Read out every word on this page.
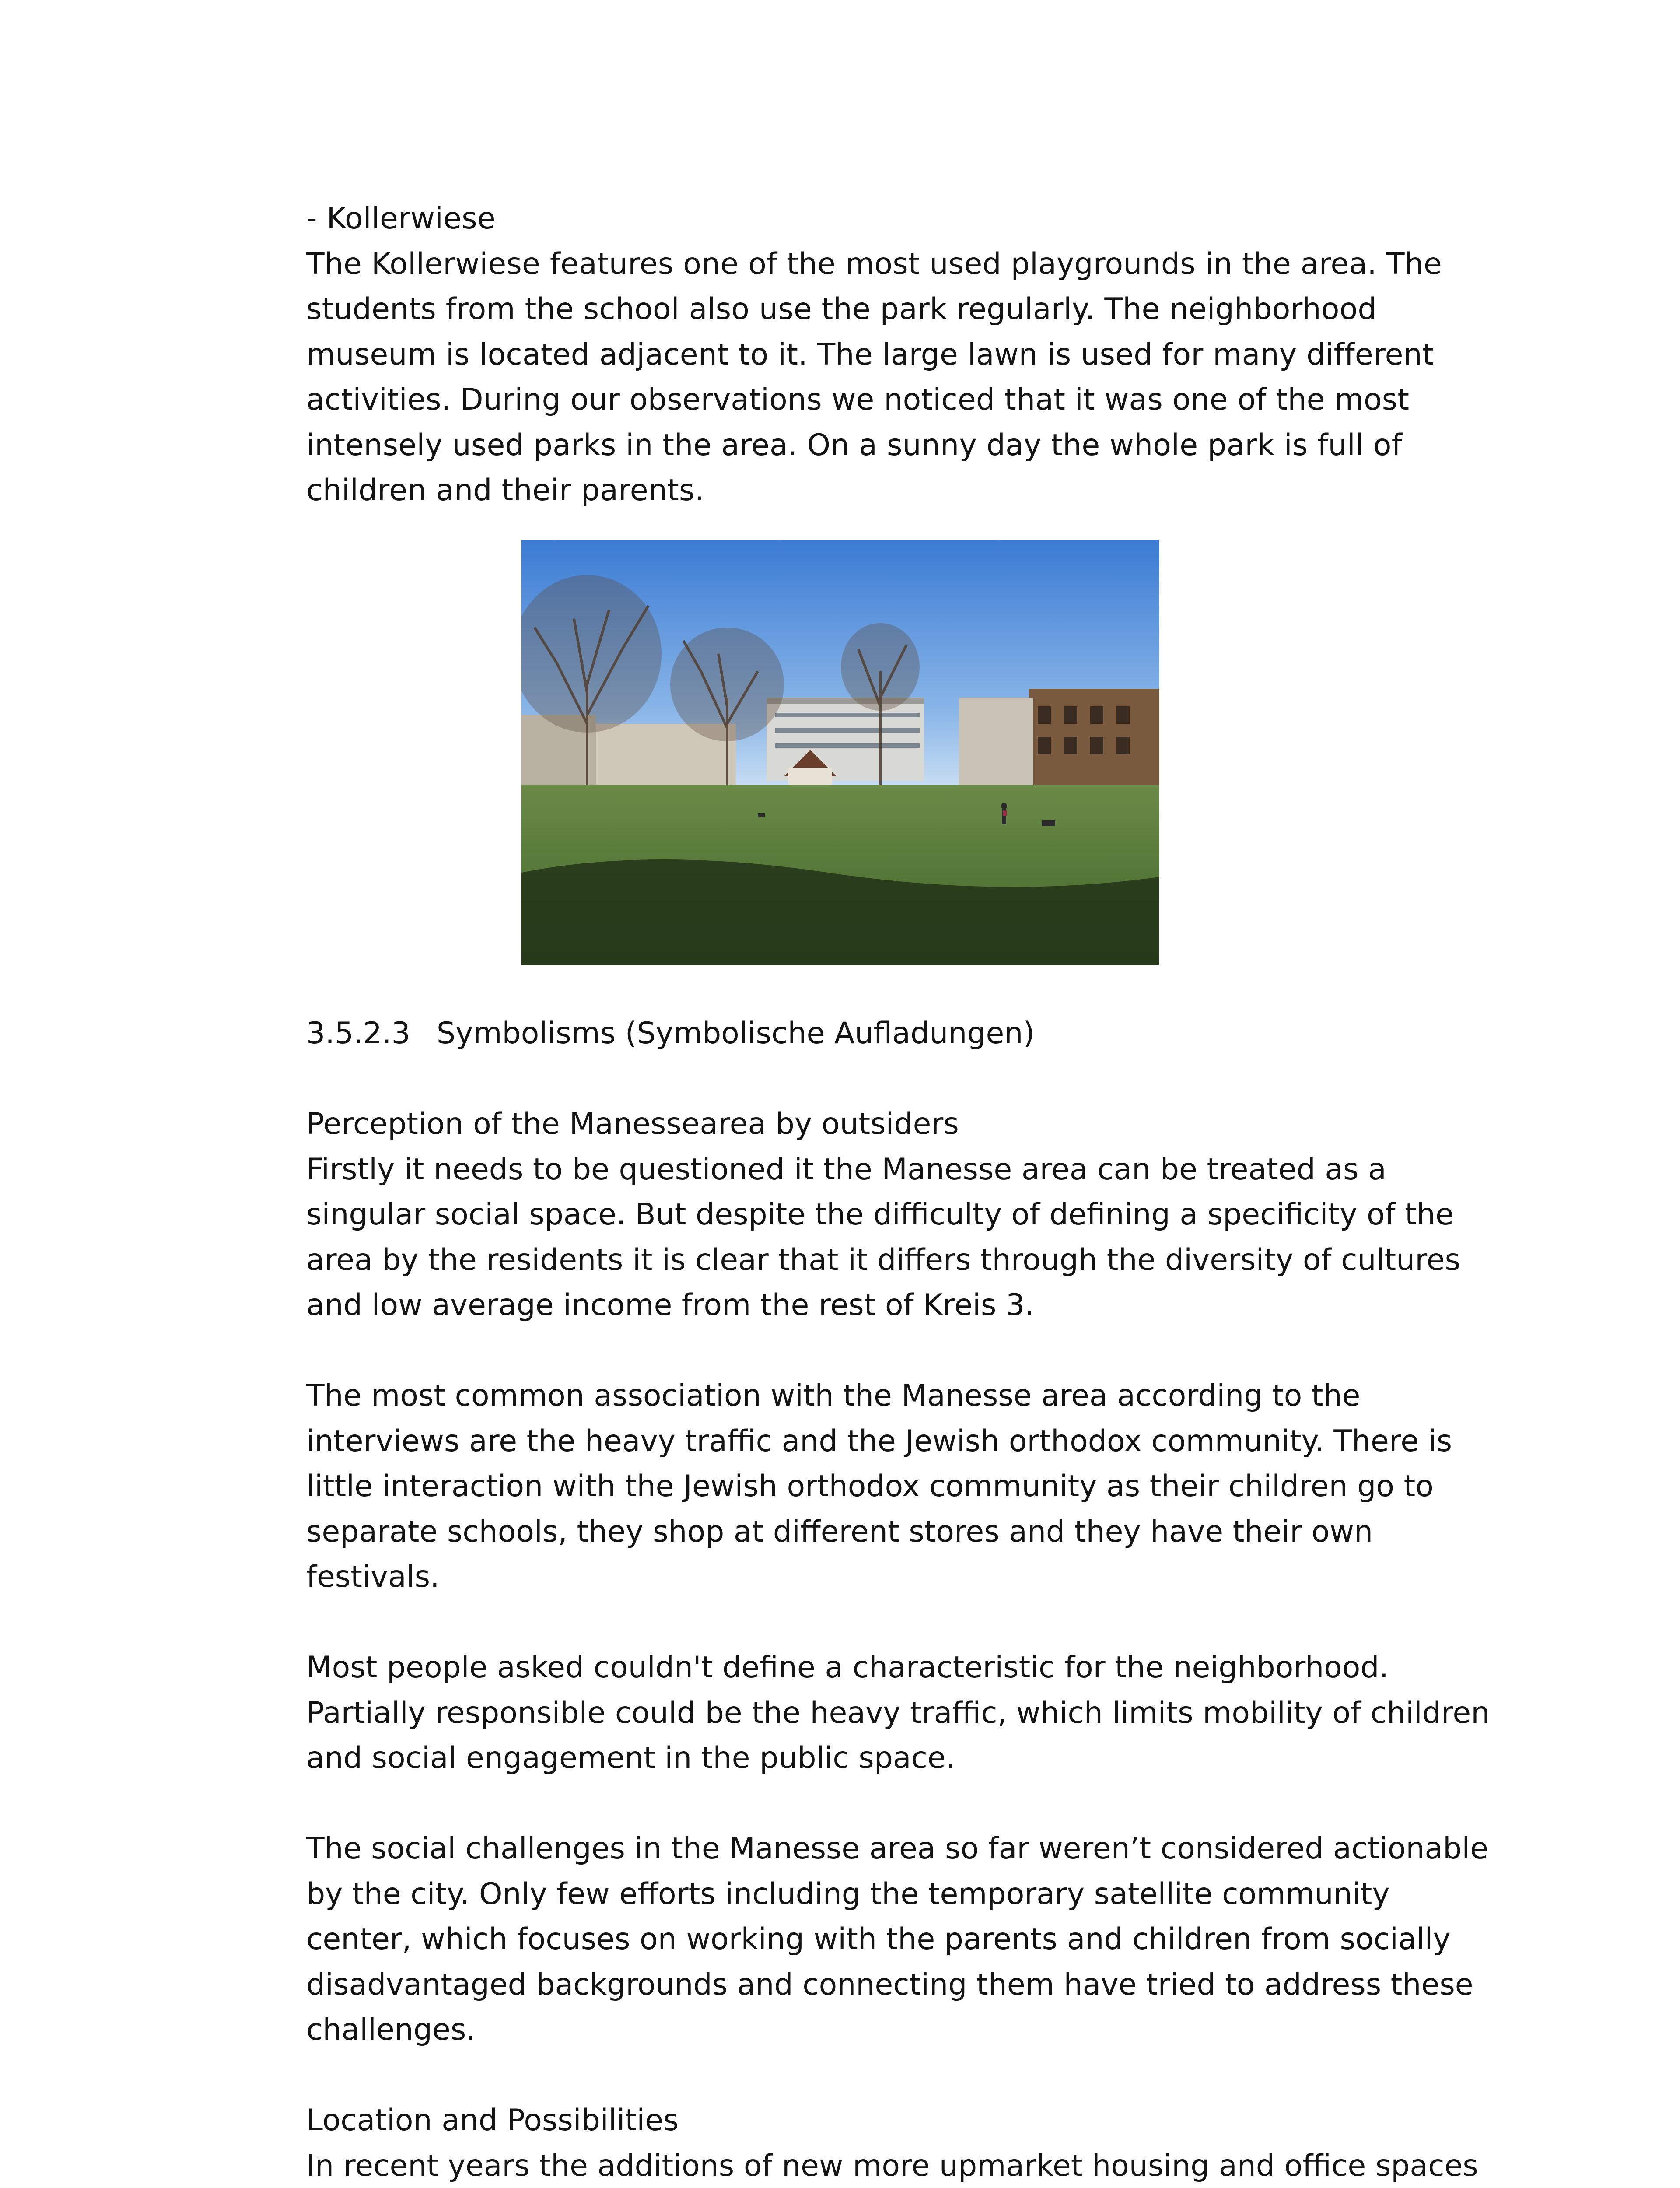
- Kollerwiese

The Kollerwiese features one of the most used playgrounds in the area. The students from the school also use the park regularly. The neighborhood museum is located adjacent to it. The large lawn is used for many different activities. During our observations we noticed that it was one of the most intensely used parks in the area. On a sunny day the whole park is full of children and their parents.

3.5.2.3 Symbolisms (Symbolische Aufladungen)

Perception of the Manessearea by outsiders

Firstly it needs to be questioned it the Manesse area can be treated as a singular social space. But despite the difficulty of defining a specificity of the area by the residents it is clear that it differs through the diversity of cultures and low average income from the rest of Kreis 3.

The most common association with the Manesse area according to the interviews are the heavy traffic and the Jewish orthodox community. There is little interaction with the Jewish orthodox community as their children go to separate schools, they shop at different stores and they have their own festivals.

Most people asked couldn't define a characteristic for the neighborhood. Partially responsible could be the heavy traffic, which limits mobility of children and social engagement in the public space.

The social challenges in the Manesse area so far weren’t considered actionable by the city. Only few efforts including the temporary satellite community center, which focuses on working with the parents and children from socially disadvantaged backgrounds and connecting them have tried to address these challenges.

Location and Possibilities

In recent years the additions of new more upmarket housing and office spaces
